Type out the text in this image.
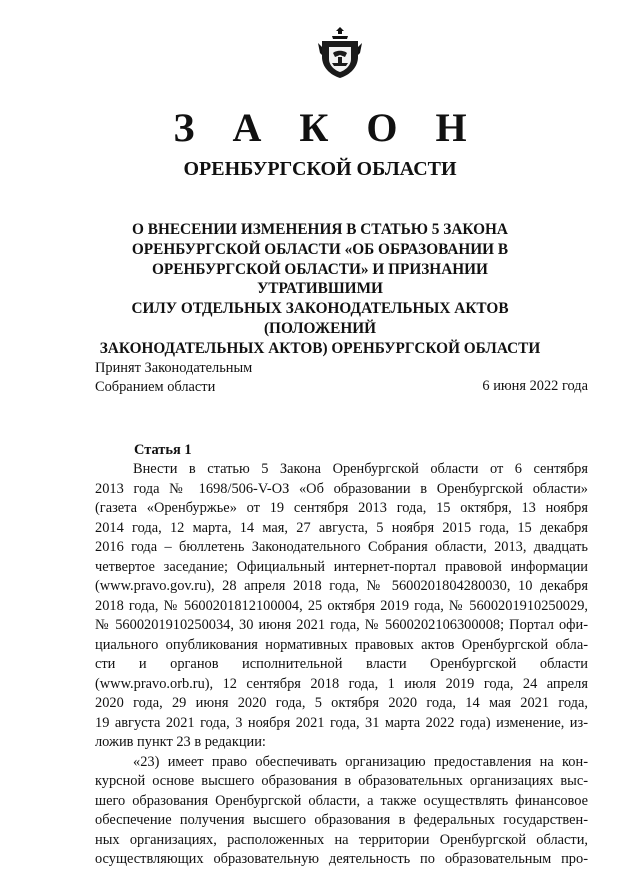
З А К О Н
ОРЕНБУРГСКОЙ ОБЛАСТИ
О ВНЕСЕНИИ ИЗМЕНЕНИЯ В СТАТЬЮ 5 ЗАКОНА
ОРЕНБУРГСКОЙ ОБЛАСТИ «ОБ ОБРАЗОВАНИИ В
ОРЕНБУРГСКОЙ ОБЛАСТИ» И ПРИЗНАНИИ УТРАТИВШИМИ
СИЛУ ОТДЕЛЬНЫХ ЗАКОНОДАТЕЛЬНЫХ АКТОВ (ПОЛОЖЕНИЙ
ЗАКОНОДАТЕЛЬНЫХ АКТОВ) ОРЕНБУРГСКОЙ ОБЛАСТИ
Принят Законодательным
Собранием области	6 июня 2022 года
Статья 1
Внести в статью 5 Закона Оренбургской области от 6 сентября
2013 года № 1698/506-V-ОЗ «Об образовании в Оренбургской области»
(газета «Оренбуржье» от 19 сентября 2013 года, 15 октября, 13 ноября
2014 года, 12 марта, 14 мая, 27 августа, 5 ноября 2015 года, 15 декабря
2016 года – бюллетень Законодательного Собрания области, 2013, двадцать
четвертое заседание; Официальный интернет-портал правовой информации
(www.pravo.gov.ru), 28 апреля 2018 года, № 5600201804280030, 10 декабря
2018 года, № 5600201812100004, 25 октября 2019 года, № 5600201910250029,
№ 5600201910250034, 30 июня 2021 года, № 5600202106300008; Портал офи-
циального опубликования нормативных правовых актов Оренбургской обла-
сти и органов исполнительной власти Оренбургской области
(www.pravo.orb.ru), 12 сентября 2018 года, 1 июля 2019 года, 24 апреля
2020 года, 29 июня 2020 года, 5 октября 2020 года, 14 мая 2021 года,
19 августа 2021 года, 3 ноября 2021 года, 31 марта 2022 года) изменение, из-
ложив пункт 23 в редакции:
«23) имеет право обеспечивать организацию предоставления на кон-
курсной основе высшего образования в образовательных организациях выс-
шего образования Оренбургской области, а также осуществлять финансовое
обеспечение получения высшего образования в федеральных государствен-
ных организациях, расположенных на территории Оренбургской области,
осуществляющих образовательную деятельность по образовательным про-
